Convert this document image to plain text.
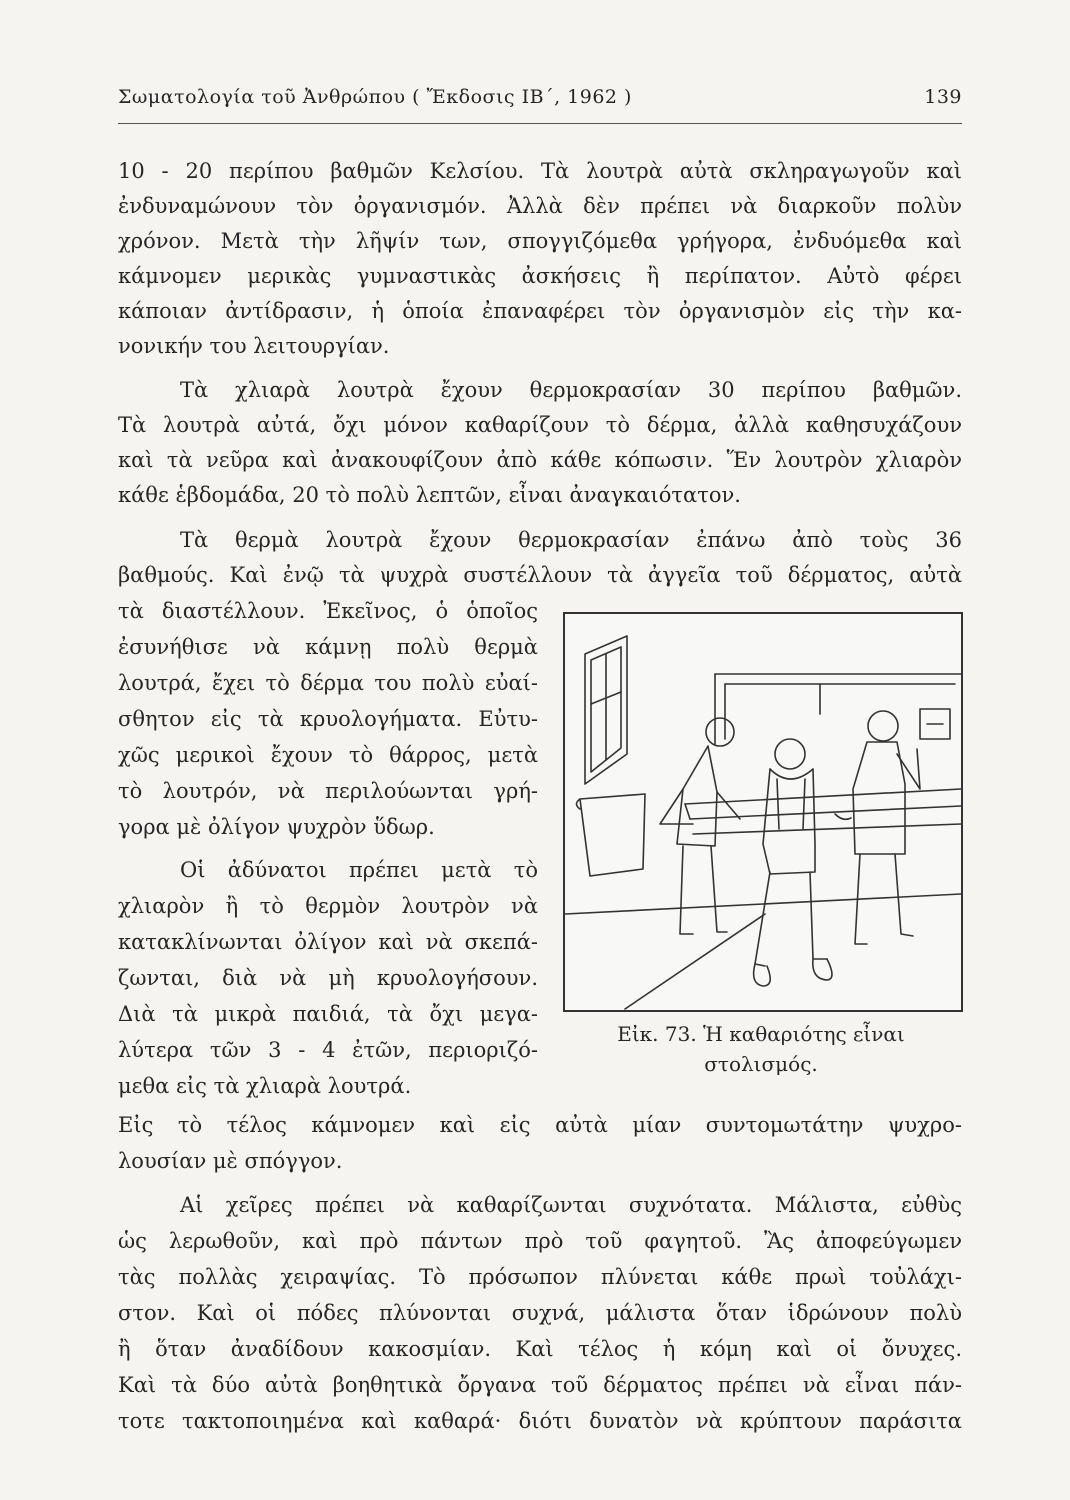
Σωματολογία τοῦ Ἀνθρώπου ( Ἔκδοσις ΙΒ΄, 1962 )	139
10 - 20 περίπου βαθμῶν Κελσίου. Τὰ λουτρὰ αὐτὰ σκληραγωγοῦν καὶ
ἐνδυναμώνουν τὸν ὀργανισμόν. Ἀλλὰ δὲν πρέπει νὰ διαρκοῦν πολὺν
χρόνον. Μετὰ τὴν λῆψίν των, σπογγιζόμεθα γρήγορα, ἐνδυόμεθα καὶ
κάμνομεν μερικὰς γυμναστικὰς ἀσκήσεις ἢ περίπατον. Αὐτὸ φέρει
κάποιαν ἀντίδρασιν, ἡ ὁποία ἐπαναφέρει τὸν ὀργανισμὸν εἰς τὴν κα-
νονικήν του λειτουργίαν.
Τὰ χλιαρὰ λουτρὰ ἔχουν θερμοκρασίαν 30 περίπου βαθμῶν.
Τὰ λουτρὰ αὐτά, ὄχι μόνον καθαρίζουν τὸ δέρμα, ἀλλὰ καθησυχάζουν
καὶ τὰ νεῦρα καὶ ἀνακουφίζουν ἀπὸ κάθε κόπωσιν. Ἕν λουτρὸν χλιαρὸν
κάθε ἑβδομάδα, 20 τὸ πολὺ λεπτῶν, εἶναι ἀναγκαιότατον.
Τὰ θερμὰ λουτρὰ ἔχουν θερμοκρασίαν ἐπάνω ἀπὸ τοὺς 36
βαθμούς. Καὶ ἐνῷ τὰ ψυχρὰ συστέλλουν τὰ ἀγγεῖα τοῦ δέρματος, αὐτὰ
τὰ διαστέλλουν. Ἐκεῖνος, ὁ ὁποῖος
ἐσυνήθισε νὰ κάμνῃ πολὺ θερμὰ
λουτρά, ἔχει τὸ δέρμα του πολὺ εὐαί-
σθητον εἰς τὰ κρυολογήματα. Εὐτυ-
χῶς μερικοὶ ἔχουν τὸ θάρρος, μετὰ
τὸ λουτρόν, νὰ περιλούωνται γρή-
γορα μὲ ὀλίγον ψυχρὸν ὕδωρ.
Οἱ ἀδύνατοι πρέπει μετὰ τὸ
χλιαρὸν ἢ τὸ θερμὸν λουτρὸν νὰ
κατακλίνωνται ὀλίγον καὶ νὰ σκεπά-
ζωνται, διὰ νὰ μὴ κρυολογήσουν.
Διὰ τὰ μικρὰ παιδιά, τὰ ὄχι μεγα-
λύτερα τῶν 3 - 4 ἐτῶν, περιοριζό-
μεθα εἰς τὰ χλιαρὰ λουτρά.
Εἰς τὸ τέλος κάμνομεν καὶ εἰς αὐτὰ μίαν συντομωτάτην ψυχρο-
λουσίαν μὲ σπόγγον.
Αἱ χεῖρες πρέπει νὰ καθαρίζωνται συχνότατα. Μάλιστα, εὐθὺς
ὡς λερωθοῦν, καὶ πρὸ πάντων πρὸ τοῦ φαγητοῦ. Ἂς ἀποφεύγωμεν
τὰς πολλὰς χειραψίας. Τὸ πρόσωπον πλύνεται κάθε πρωὶ τοὐλάχι-
στον. Καὶ οἱ πόδες πλύνονται συχνά, μάλιστα ὅταν ἱδρώνουν πολὺ
ἢ ὅταν ἀναδίδουν κακοσμίαν. Καὶ τέλος ἡ κόμη καὶ οἱ ὄνυχες.
Καὶ τὰ δύο αὐτὰ βοηθητικὰ ὄργανα τοῦ δέρματος πρέπει νὰ εἶναι πάν-
τοτε τακτοποιημένα καὶ καθαρά· διότι δυνατὸν νὰ κρύπτουν παράσιτα
Εἰκ. 73. Ἡ καθαριότης εἶναι
στολισμός.
